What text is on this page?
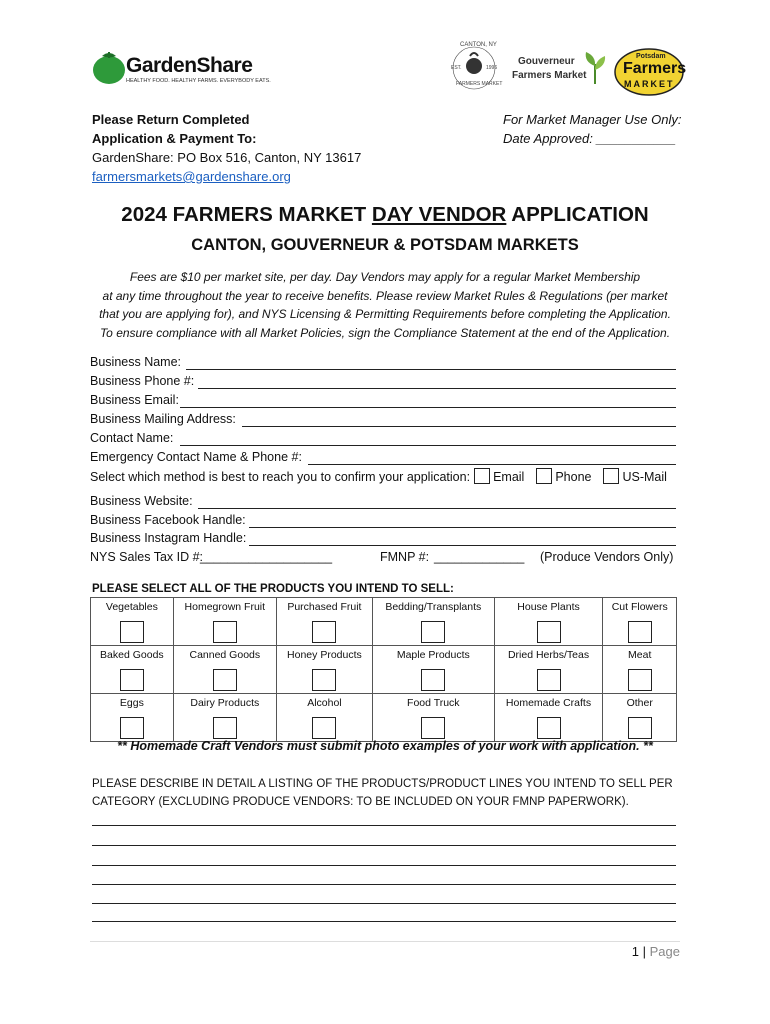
GardenShare
HEALTHY FOOD. HEALTHY FARMS. EVERYBODY EATS.
CANTON, NY
EST.	1996
FARMERS MARKET
Gouverneur
Farmers Market
Potsdam
Farmers
MARKET
Please Return Completed
Application & Payment To:
GardenShare: PO Box 516, Canton, NY 13617
farmersmarkets@gardenshare.org
For Market Manager Use Only:
Date Approved: ___________
2024 FARMERS MARKET DAY VENDOR APPLICATION
CANTON, GOUVERNEUR & POTSDAM MARKETS
Fees are $10 per market site, per day. Day Vendors may apply for a regular Market Membership
at any time throughout the year to receive benefits. Please review Market Rules & Regulations (per market
that you are applying for), and NYS Licensing & Permitting Requirements before completing the Application.
To ensure compliance with all Market Policies, sign the Compliance Statement at the end of the Application.
Business Name:
Business Phone #:
Business Email:
Business Mailing Address:
Contact Name:
Emergency Contact Name & Phone #:
Select which method is best to reach you to confirm your application: Email Phone US-Mail
Business Website:
Business Facebook Handle:
Business Instagram Handle:
NYS Sales Tax ID #:
___________________	FMNP #: _____________ (Produce Vendors Only)
PLEASE SELECT ALL OF THE PRODUCTS YOU INTEND TO SELL:
Vegetables	Homegrown Fruit	Purchased Fruit	Bedding/Transplants	House Plants	Cut Flowers

Baked Goods	Canned Goods	Honey Products	Maple Products	Dried Herbs/Teas	Meat

Eggs	Dairy Products	Alcohol	Food Truck	Homemade Crafts	Other
** Homemade Craft Vendors must submit photo examples of your work with application. **
PLEASE DESCRIBE IN DETAIL A LISTING OF THE PRODUCTS/PRODUCT LINES YOU INTEND TO SELL PER
CATEGORY (EXCLUDING PRODUCE VENDORS: TO BE INCLUDED ON YOUR FMNP PAPERWORK).
1 | Page
